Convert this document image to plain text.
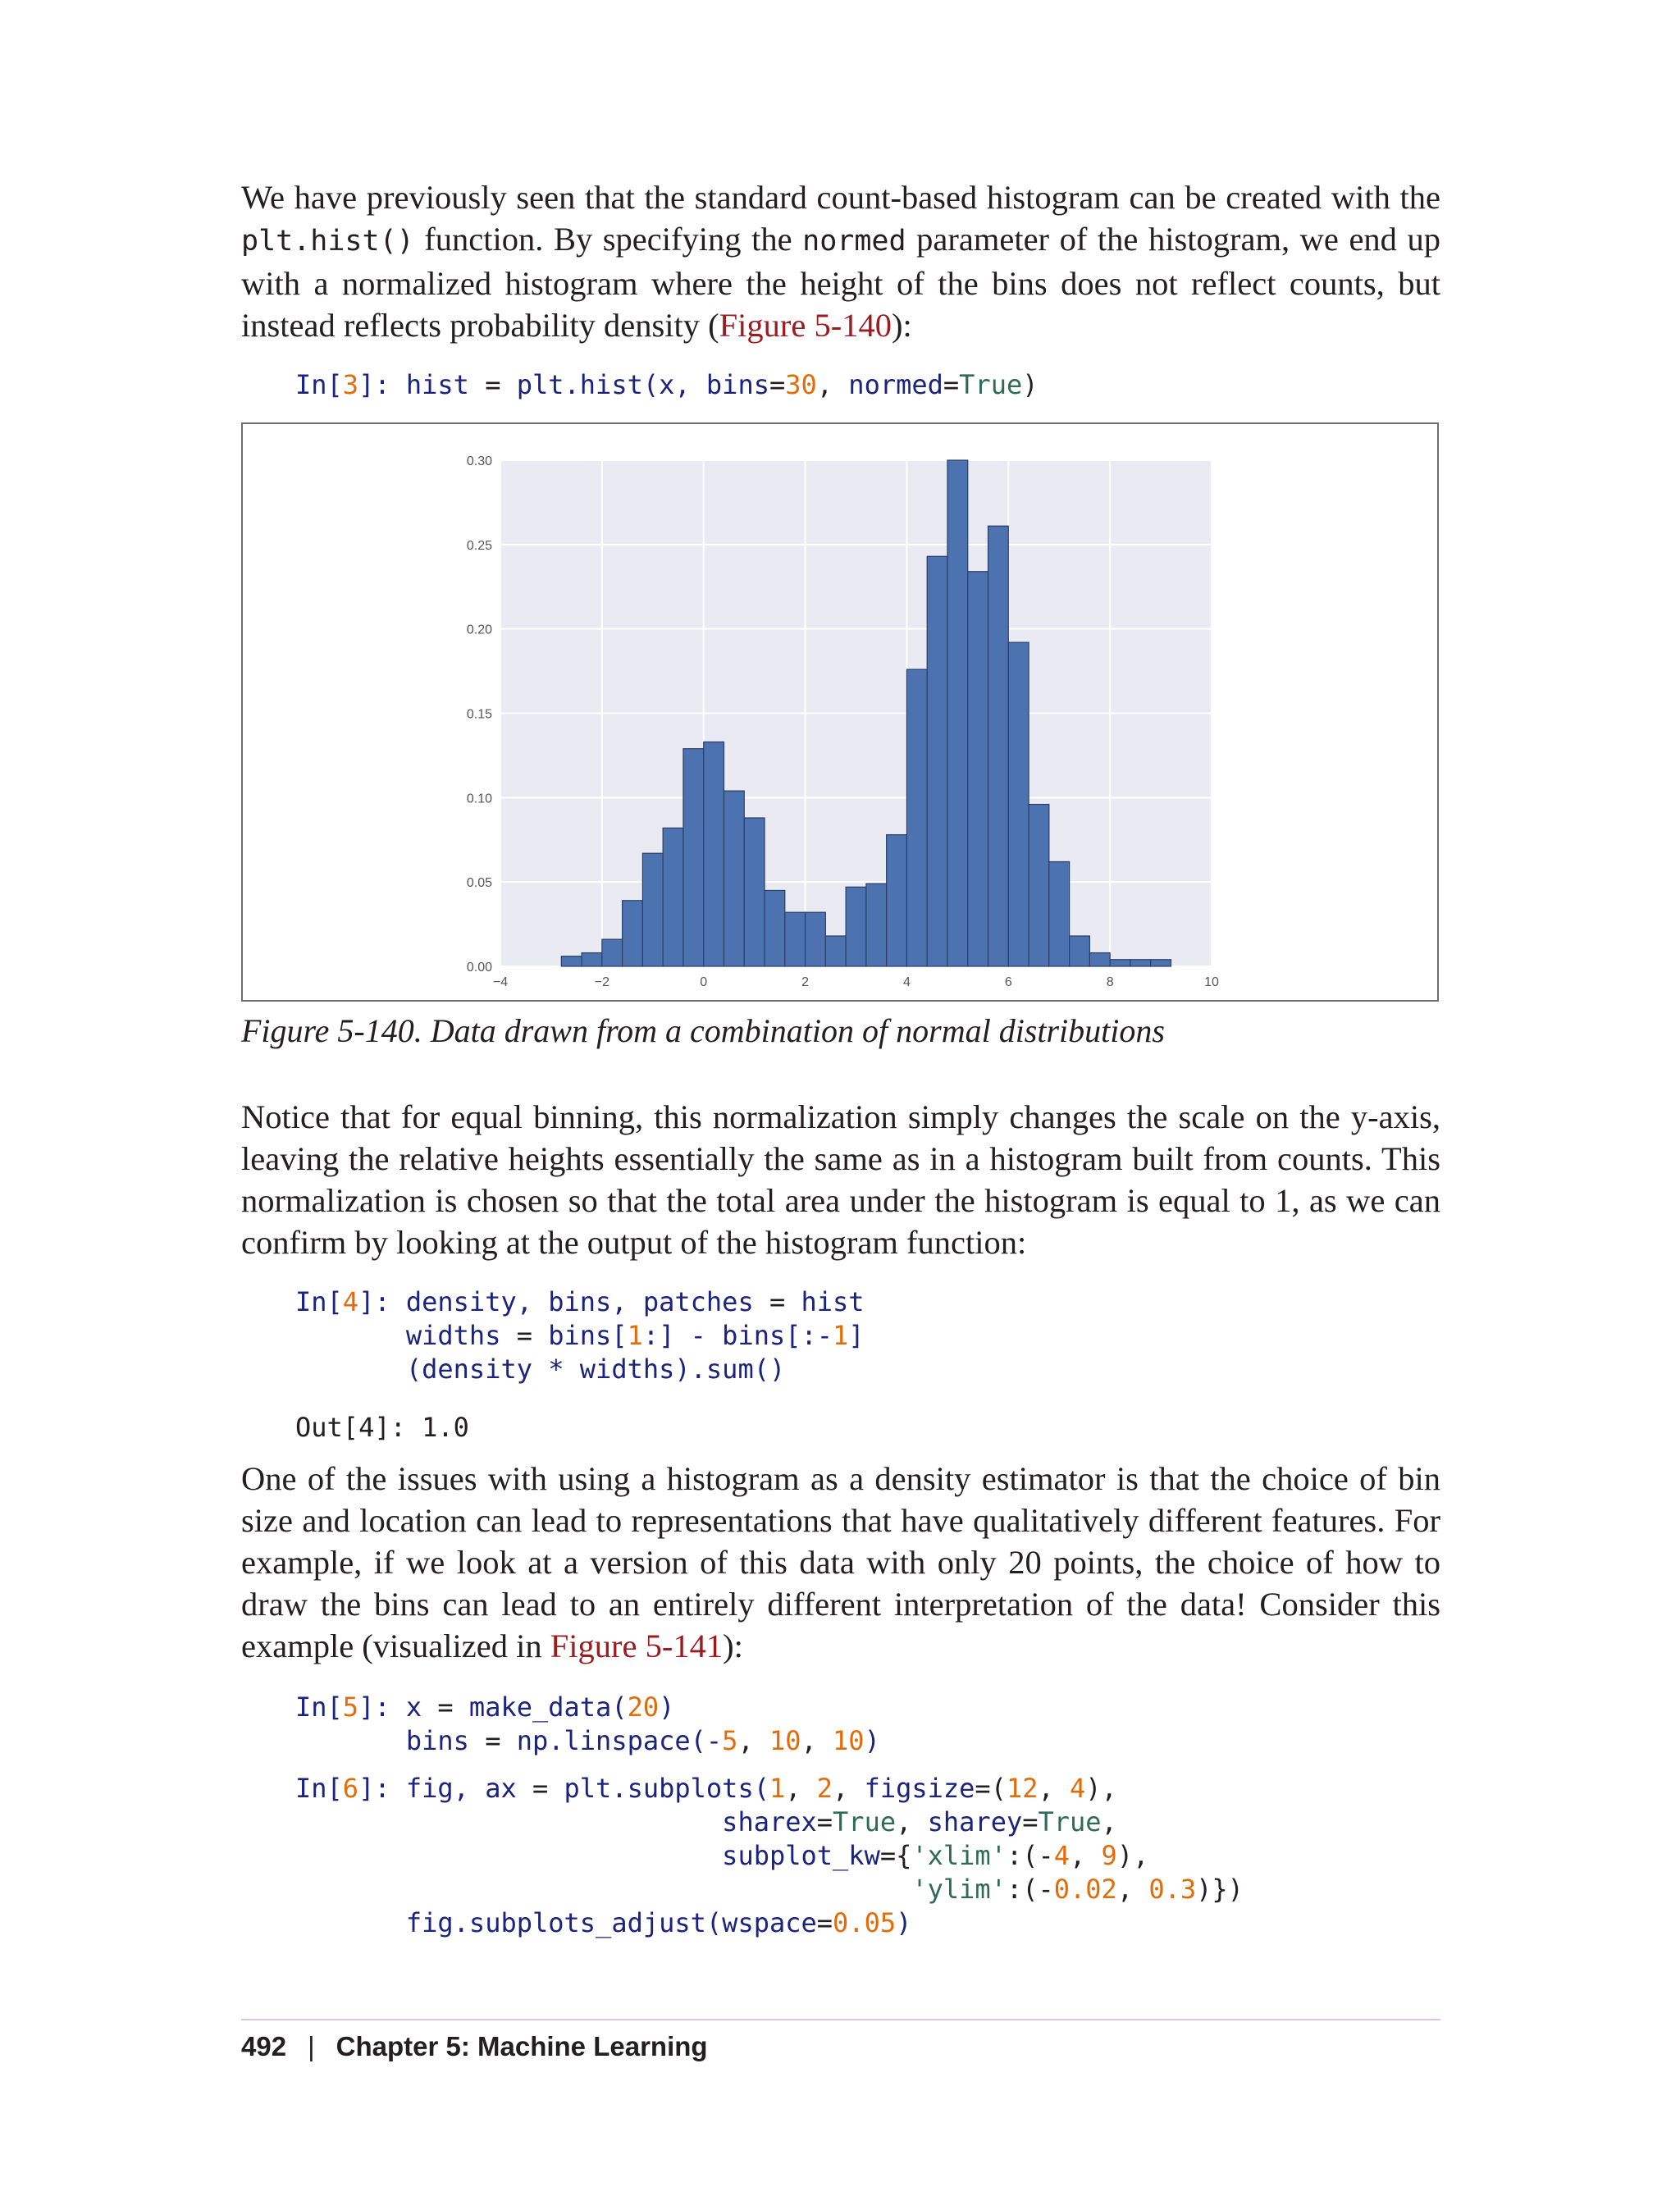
We have previously seen that the standard count-based histogram can be created with the plt.hist() function. By specifying the normed parameter of the histogram, we end up with a normalized histogram where the height of the bins does not reflect counts, but instead reflects probability density (Figure 5-140):

In[3]: hist = plt.hist(x, bins=30, normed=True)
0.00
0.05
0.10
0.15
0.20
0.25
0.30
−4	−2	0	2	4	6	8	10

Figure 5-140. Data drawn from a combination of normal distributions

Notice that for equal binning, this normalization simply changes the scale on the y-axis, leaving the relative heights essentially the same as in a histogram built from counts. This normalization is chosen so that the total area under the histogram is equal to 1, as we can confirm by looking at the output of the histogram function:

In[4]: density, bins, patches = hist
widths = bins[1:] - bins[:-1]
(density * widths).sum()
Out[4]: 1.0

One of the issues with using a histogram as a density estimator is that the choice of bin size and location can lead to representations that have qualitatively different features. For example, if we look at a version of this data with only 20 points, the choice of how to draw the bins can lead to an entirely different interpretation of the data! Consider this example (visualized in Figure 5-141):

In[5]: x = make_data(20)
bins = np.linspace(-5, 10, 10)
In[6]: fig, ax = plt.subplots(1, 2, figsize=(12, 4),
sharex=True, sharey=True,
subplot_kw={'xlim':(-4, 9),
'ylim':(-0.02, 0.3)})
fig.subplots_adjust(wspace=0.05)
492 | Chapter 5: Machine Learning
